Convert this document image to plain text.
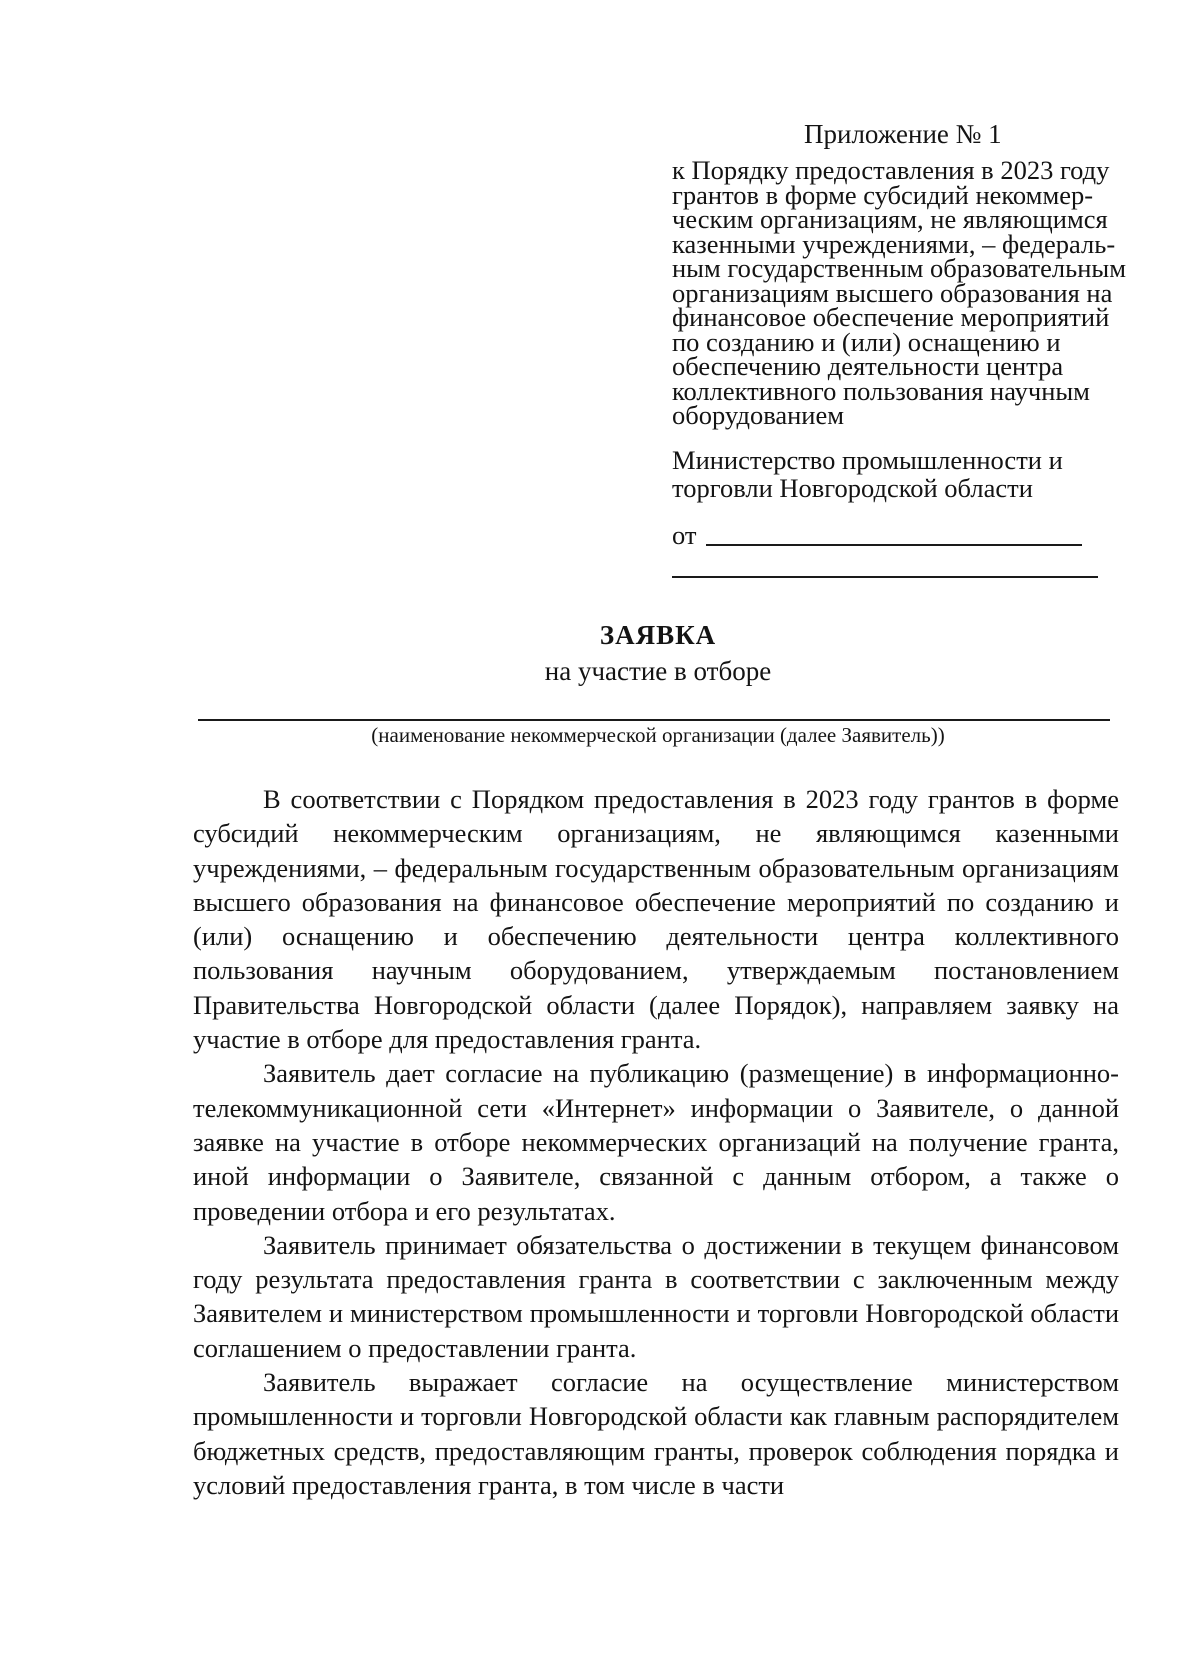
Приложение № 1
к Порядку предоставления в 2023 году
грантов в форме субсидий некоммер-
ческим организациям, не являющимся
казенными учреждениями, – федераль-
ным государственным образовательным
организациям высшего образования на
финансовое обеспечение мероприятий
по созданию и (или) оснащению и
обеспечению деятельности центра
коллективного пользования научным
оборудованием
Министерство промышленности и
торговли Новгородской области
от
ЗАЯВКА
на участие в отборе
(наименование некоммерческой организации (далее Заявитель))

В соответствии с Порядком предоставления в 2023 году грантов в форме субсидий некоммерческим организациям, не являющимся казенными учреждениями, – федеральным государственным образовательным организациям высшего образования на финансовое обеспечение мероприятий по созданию и (или) оснащению и обеспечению деятельности центра коллективного пользования научным оборудованием, утверждаемым постановлением Правительства Новгородской области (далее Порядок), направляем заявку на участие в отборе для предоставления гранта.

Заявитель дает согласие на публикацию (размещение) в информационно-телекоммуникационной сети «Интернет» информации о Заявителе, о данной заявке на участие в отборе некоммерческих организаций на получение гранта, иной информации о Заявителе, связанной с данным отбором, а также о проведении отбора и его результатах.

Заявитель принимает обязательства о достижении в текущем финансовом году результата предоставления гранта в соответствии с заключенным между Заявителем и министерством промышленности и торговли Новгородской области соглашением о предоставлении гранта.

Заявитель выражает согласие на осуществление министерством промышленности и торговли Новгородской области как главным распорядителем бюджетных средств, предоставляющим гранты, проверок соблюдения порядка и условий предоставления гранта, в том числе в части
